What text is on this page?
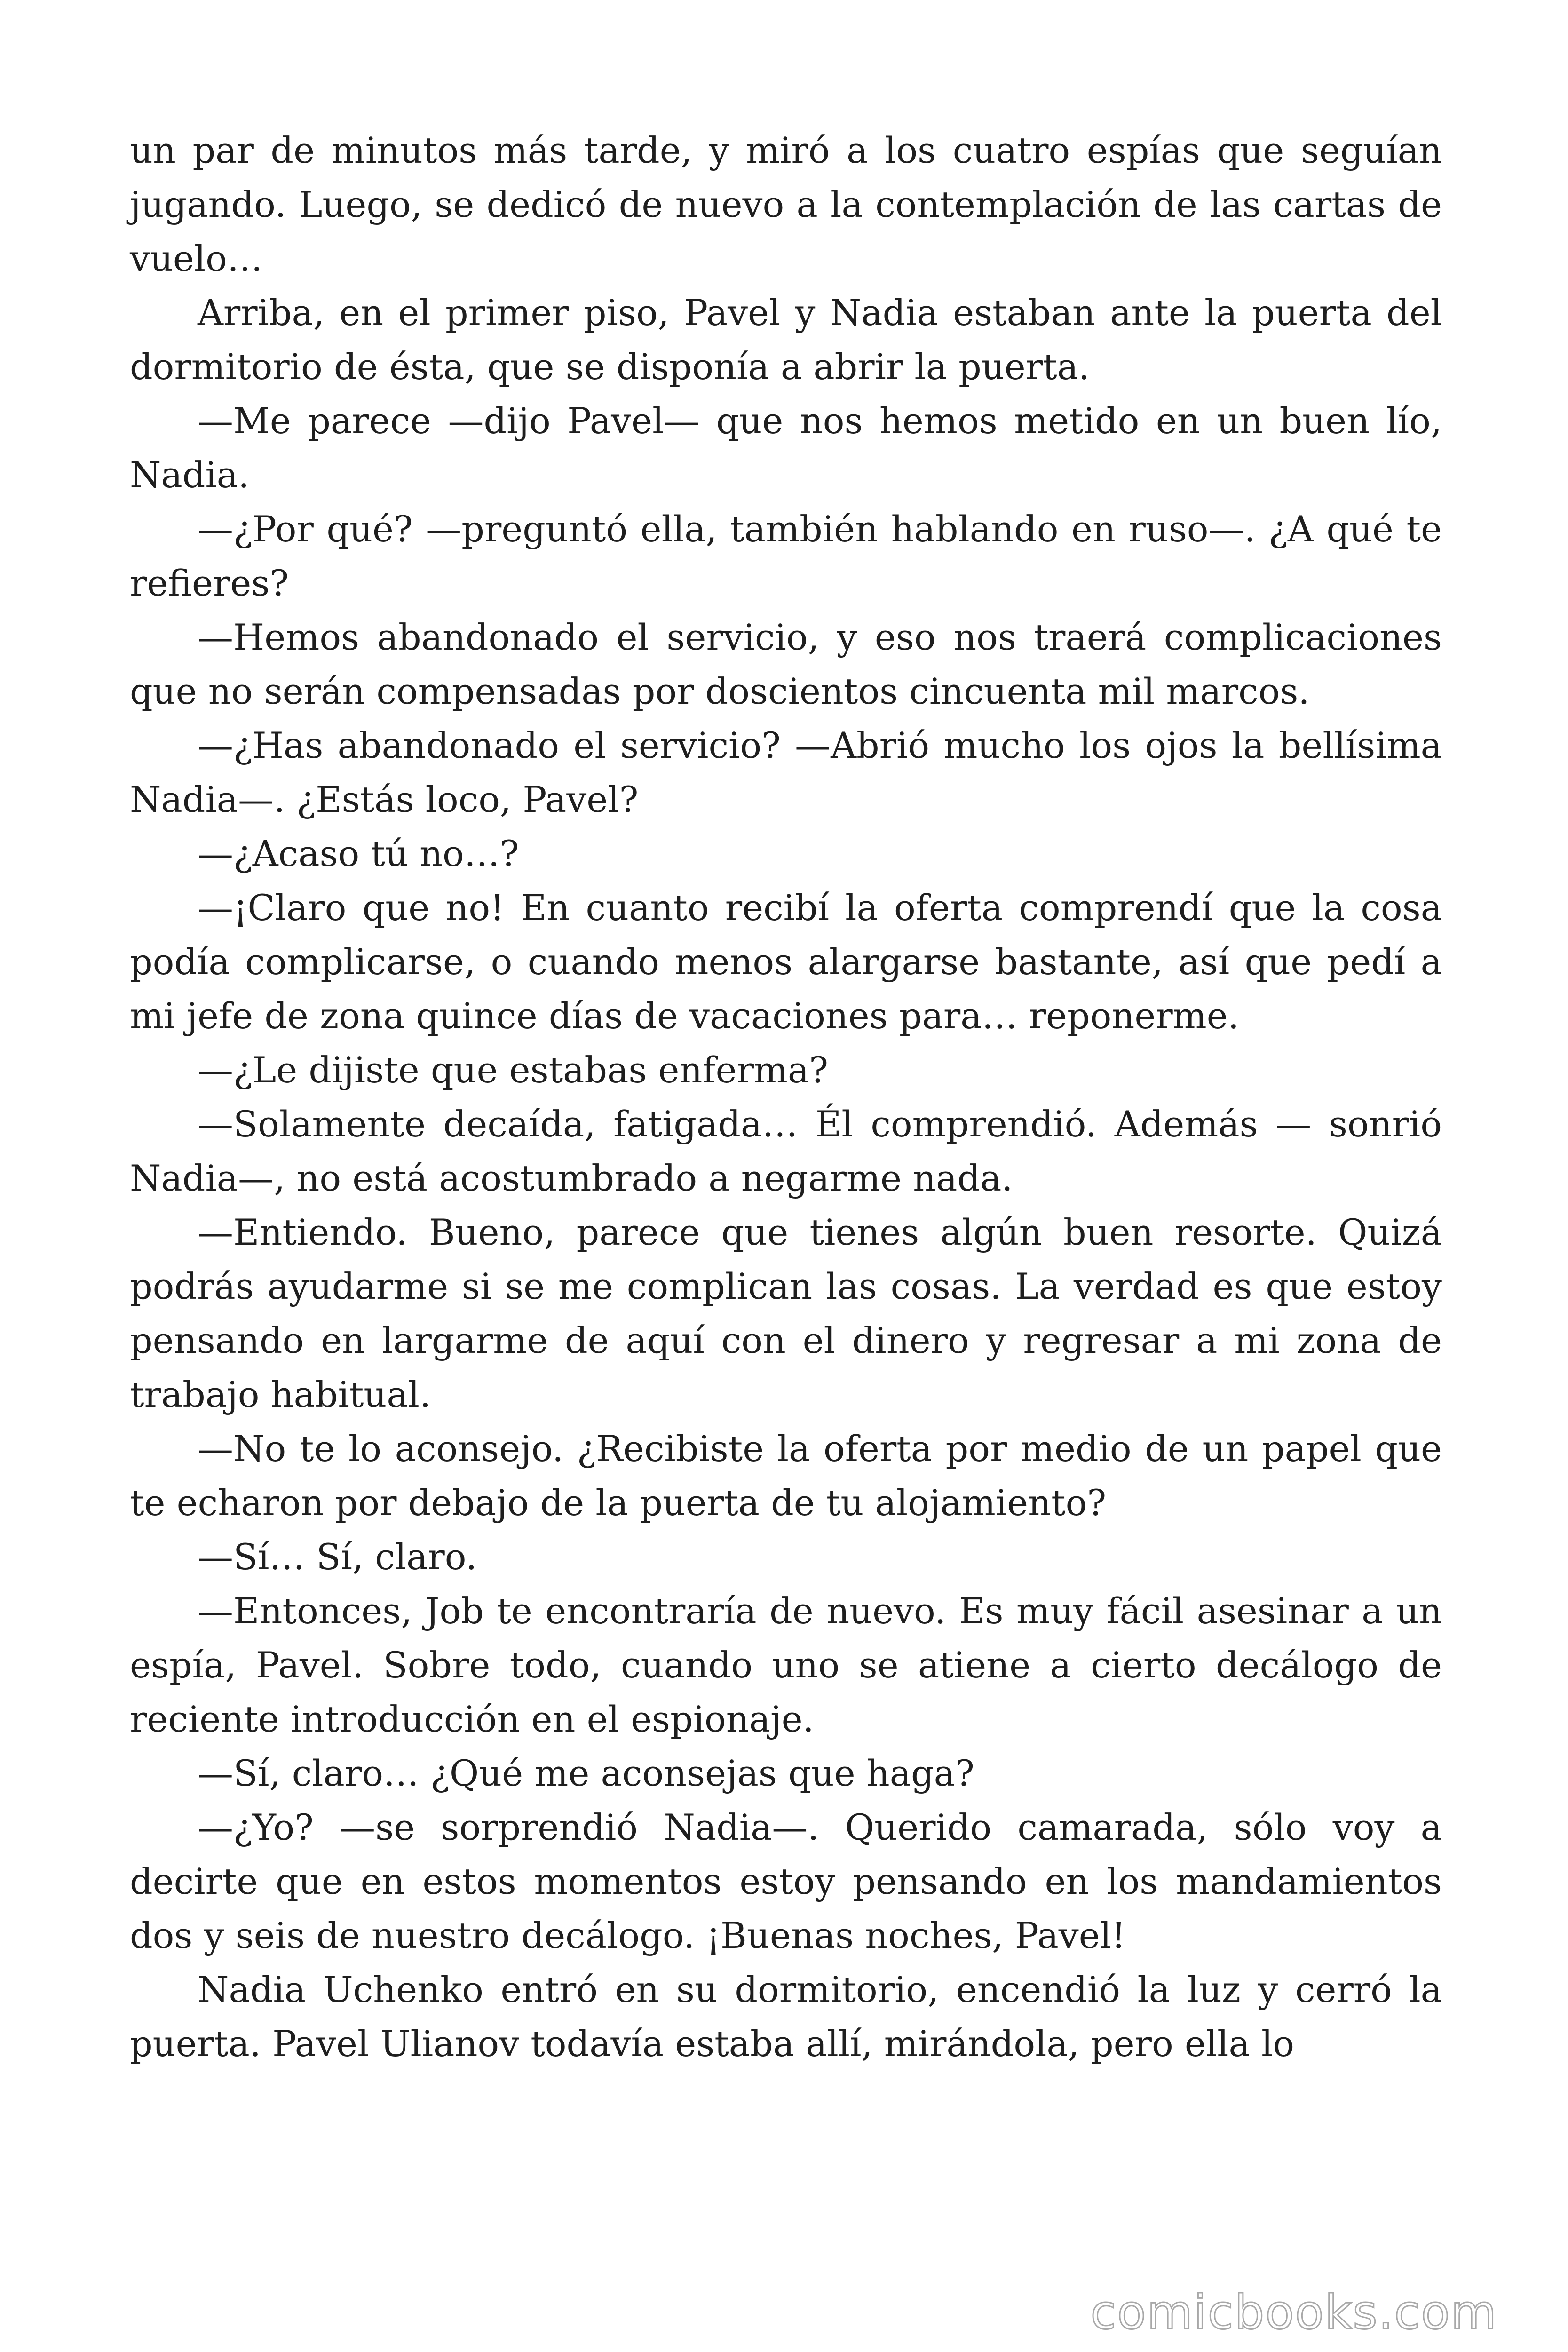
un par de minutos más tarde, y miró a los cuatro espías que seguían jugando. Luego, se dedicó de nuevo a la contemplación de las cartas de vuelo…

Arriba, en el primer piso, Pavel y Nadia estaban ante la puerta del dormitorio de ésta, que se disponía a abrir la puerta.

—Me parece —dijo Pavel— que nos hemos metido en un buen lío, Nadia.

—¿Por qué? —preguntó ella, también hablando en ruso—. ¿A qué te refieres?

—Hemos abandonado el servicio, y eso nos traerá complicaciones que no serán compensadas por doscientos cincuenta mil marcos.

—¿Has abandonado el servicio? —Abrió mucho los ojos la bellísima Nadia—. ¿Estás loco, Pavel?

—¿Acaso tú no…?

—¡Claro que no! En cuanto recibí la oferta comprendí que la cosa podía complicarse, o cuando menos alargarse bastante, así que pedí a mi jefe de zona quince días de vacaciones para… reponerme.

—¿Le dijiste que estabas enferma?

—Solamente decaída, fatigada… Él comprendió. Además — sonrió Nadia—, no está acostumbrado a negarme nada.

—Entiendo. Bueno, parece que tienes algún buen resorte. Quizá podrás ayudarme si se me complican las cosas. La verdad es que estoy pensando en largarme de aquí con el dinero y regresar a mi zona de trabajo habitual.

—No te lo aconsejo. ¿Recibiste la oferta por medio de un papel que te echaron por debajo de la puerta de tu alojamiento?

—Sí… Sí, claro.

—Entonces, Job te encontraría de nuevo. Es muy fácil asesinar a un espía, Pavel. Sobre todo, cuando uno se atiene a cierto decálogo de reciente introducción en el espionaje.

—Sí, claro… ¿Qué me aconsejas que haga?

—¿Yo? —se sorprendió Nadia—. Querido camarada, sólo voy a decirte que en estos momentos estoy pensando en los mandamientos dos y seis de nuestro decálogo. ¡Buenas noches, Pavel!

Nadia Uchenko entró en su dormitorio, encendió la luz y cerró la puerta. Pavel Ulianov todavía estaba allí, mirándola, pero ella lo

comicbooks.com
